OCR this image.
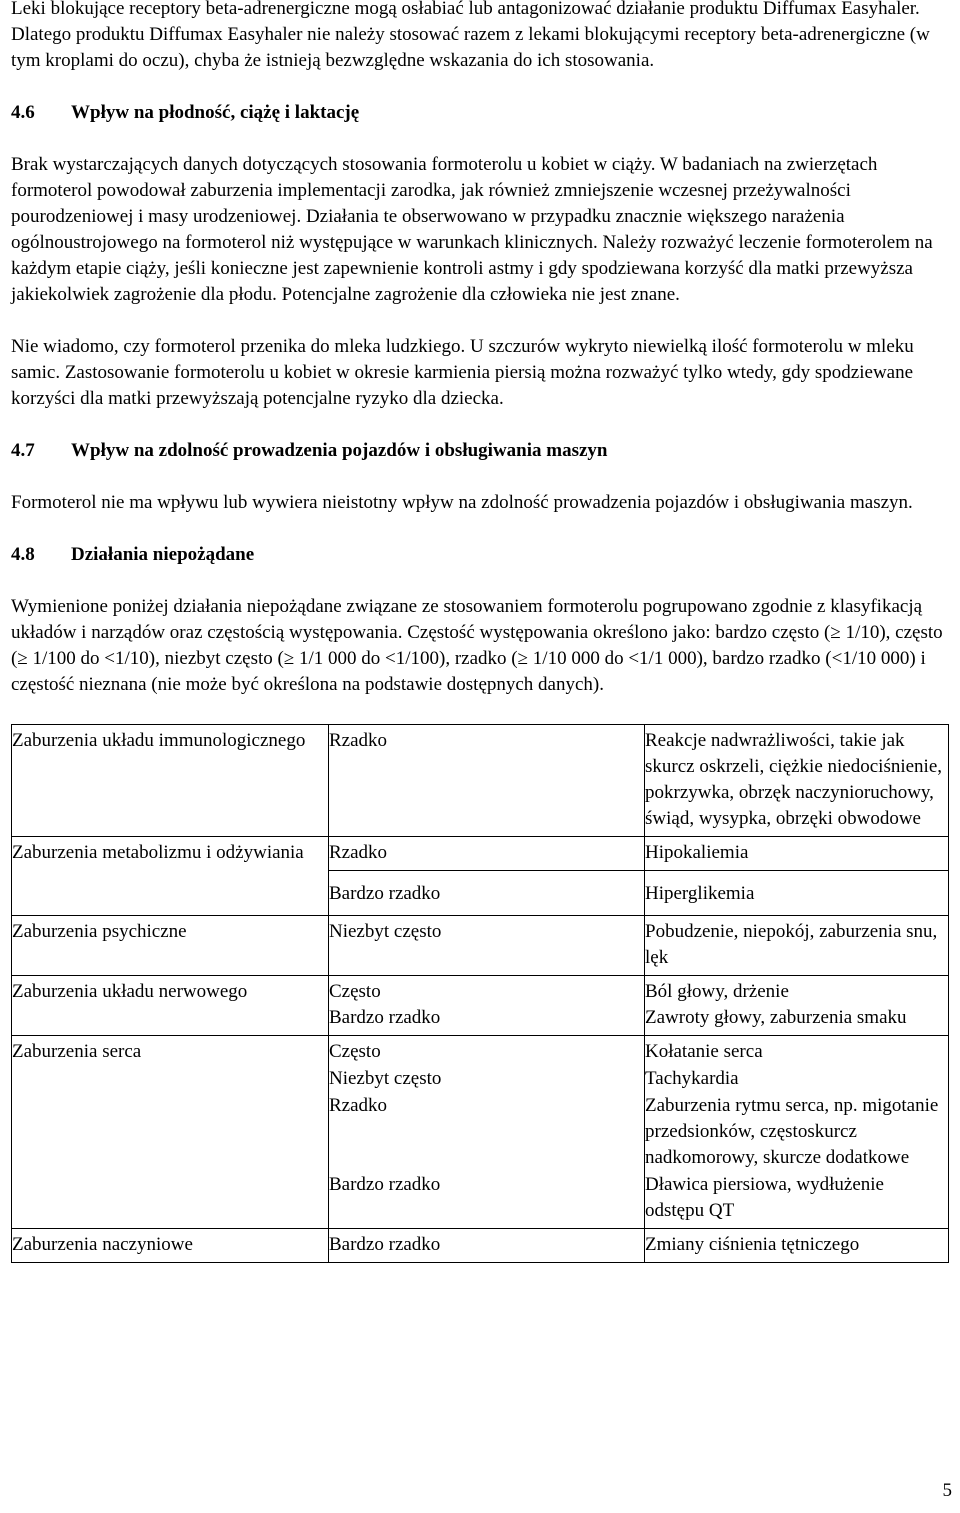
Leki blokujące receptory beta-adrenergiczne mogą osłabiać lub antagonizować działanie produktu Diffumax Easyhaler. Dlatego produktu Diffumax Easyhaler nie należy stosować razem z lekami blokującymi receptory beta-adrenergiczne (w tym kroplami do oczu), chyba że istnieją bezwzględne wskazania do ich stosowania.

4.6 Wpływ na płodność, ciążę i laktację

Brak wystarczających danych dotyczących stosowania formoterolu u kobiet w ciąży. W badaniach na zwierzętach formoterol powodował zaburzenia implementacji zarodka, jak również zmniejszenie wczesnej przeżywalności pourodzeniowej i masy urodzeniowej. Działania te obserwowano w przypadku znacznie większego narażenia ogólnoustrojowego na formoterol niż występujące w warunkach klinicznych. Należy rozważyć leczenie formoterolem na każdym etapie ciąży, jeśli konieczne jest zapewnienie kontroli astmy i gdy spodziewana korzyść dla matki przewyższa jakiekolwiek zagrożenie dla płodu. Potencjalne zagrożenie dla człowieka nie jest znane.

Nie wiadomo, czy formoterol przenika do mleka ludzkiego. U szczurów wykryto niewielką ilość formoterolu w mleku samic. Zastosowanie formoterolu u kobiet w okresie karmienia piersią można rozważyć tylko wtedy, gdy spodziewane korzyści dla matki przewyższają potencjalne ryzyko dla dziecka.

4.7 Wpływ na zdolność prowadzenia pojazdów i obsługiwania maszyn

Formoterol nie ma wpływu lub wywiera nieistotny wpływ na zdolność prowadzenia pojazdów i obsługiwania maszyn.

4.8 Działania niepożądane

Wymienione poniżej działania niepożądane związane ze stosowaniem formoterolu pogrupowano zgodnie z klasyfikacją układów i narządów oraz częstością występowania. Częstość występowania określono jako: bardzo często (≥ 1/10), często (≥ 1/100 do <1/10), niezbyt często (≥ 1/1 000 do <1/100), rzadko (≥ 1/10 000 do <1/1 000), bardzo rzadko (<1/10 000) i częstość nieznana (nie może być określona na podstawie dostępnych danych).

Zaburzenia układu immunologicznego	Rzadko	Reakcje nadwrażliwości, takie jak skurcz oskrzeli, ciężkie niedociśnienie, pokrzywka, obrzęk naczynioruchowy, świąd, wysypka, obrzęki obwodowe

Zaburzenia metabolizmu i odżywiania	Rzadko	Hipokaliemia

	Bardzo rzadko	Hiperglikemia

Zaburzenia psychiczne	Niezbyt często	Pobudzenie, niepokój, zaburzenia snu, lęk

Zaburzenia układu nerwowego	Często	Ból głowy, drżenie

	Bardzo rzadko	Zawroty głowy, zaburzenia smaku

Zaburzenia serca	Często	Kołatanie serca

	Niezbyt często	Tachykardia

	Rzadko	Zaburzenia rytmu serca, np. migotanie przedsionków, częstoskurcz nadkomorowy, skurcze dodatkowe

	Bardzo rzadko	Dławica piersiowa, wydłużenie odstępu QT

Zaburzenia naczyniowe	Bardzo rzadko	Zmiany ciśnienia tętniczego
5
